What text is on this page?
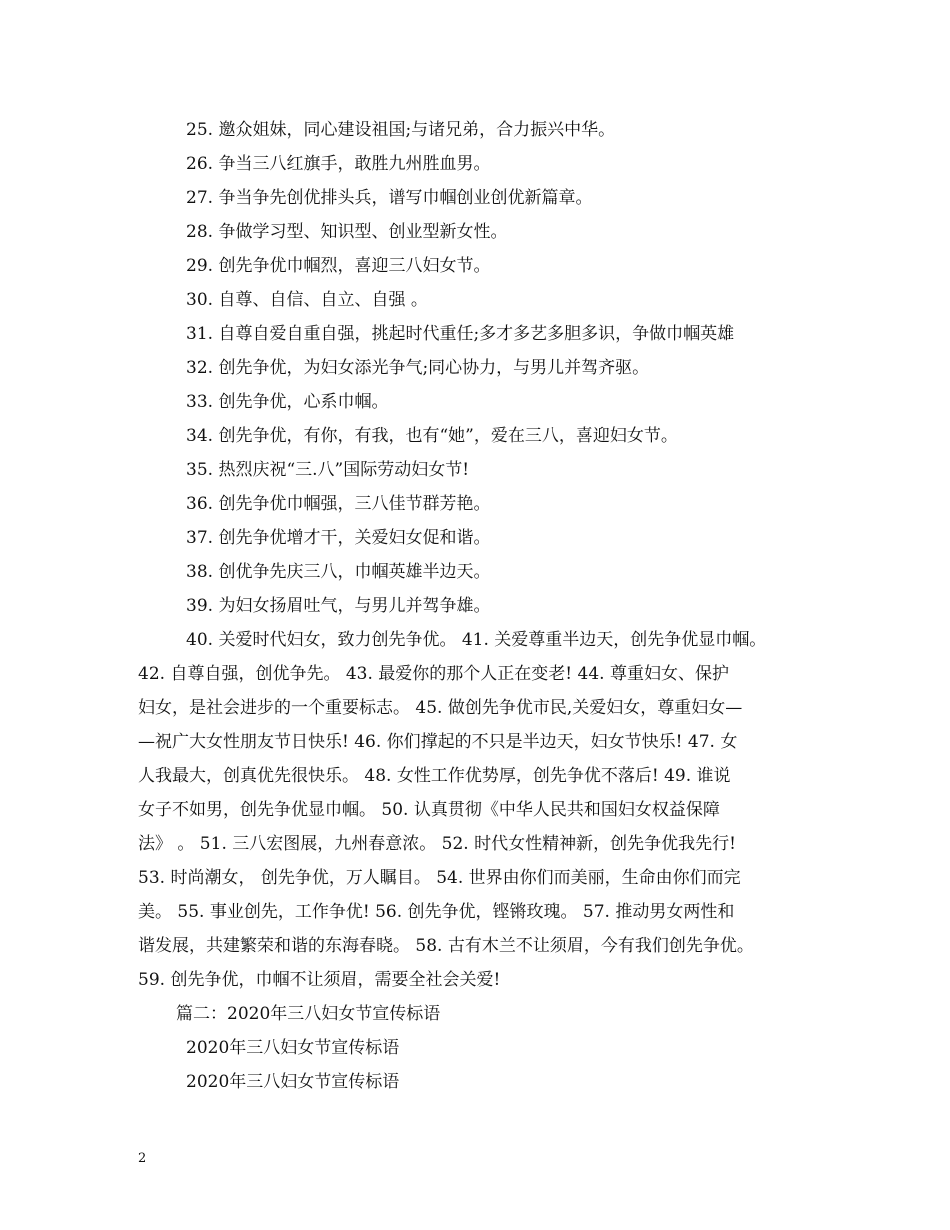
25. 邀众姐妹，同心建设祖国;与诸兄弟，合力振兴中华。
26. 争当三八红旗手，敢胜九州胜血男。
27. 争当争先创优排头兵，谱写巾帼创业创优新篇章。
28. 争做学习型、知识型、创业型新女性。
29. 创先争优巾帼烈，喜迎三八妇女节。
30. 自尊、自信、自立、自强 。
31. 自尊自爱自重自强，挑起时代重任;多才多艺多胆多识，争做巾帼英雄
32. 创先争优，为妇女添光争气;同心协力，与男儿并驾齐驱。
33. 创先争优，心系巾帼。
34. 创先争优，有你，有我，也有“她”，爱在三八，喜迎妇女节。
35. 热烈庆祝“三.八”国际劳动妇女节!
36. 创先争优巾帼强，三八佳节群芳艳。
37. 创先争优增才干，关爱妇女促和谐。
38. 创优争先庆三八，巾帼英雄半边天。
39. 为妇女扬眉吐气，与男儿并驾争雄。
40. 关爱时代妇女，致力创先争优。 41. 关爱尊重半边天，创先争优显巾帼。
42. 自尊自强，创优争先。 43. 最爱你的那个人正在变老! 44. 尊重妇女、保护
妇女，是社会进步的一个重要标志。 45. 做创先争优市民,关爱妇女，尊重妇女—
—祝广大女性朋友节日快乐! 46. 你们撑起的不只是半边天，妇女节快乐! 47. 女
人我最大，创真优先很快乐。 48. 女性工作优势厚，创先争优不落后! 49. 谁说
女子不如男，创先争优显巾帼。 50. 认真贯彻《中华人民共和国妇女权益保障
法》 。 51. 三八宏图展，九州春意浓。 52. 时代女性精神新，创先争优我先行!
53. 时尚潮女， 创先争优，万人瞩目。 54. 世界由你们而美丽，生命由你们而完
美。 55. 事业创先，工作争优! 56. 创先争优，铿锵玫瑰。 57. 推动男女两性和
谐发展，共建繁荣和谐的东海春晓。 58. 古有木兰不让须眉，今有我们创先争优。
59. 创先争优，巾帼不让须眉，需要全社会关爱!
篇二：2020年三八妇女节宣传标语
2020年三八妇女节宣传标语
2020年三八妇女节宣传标语
2
